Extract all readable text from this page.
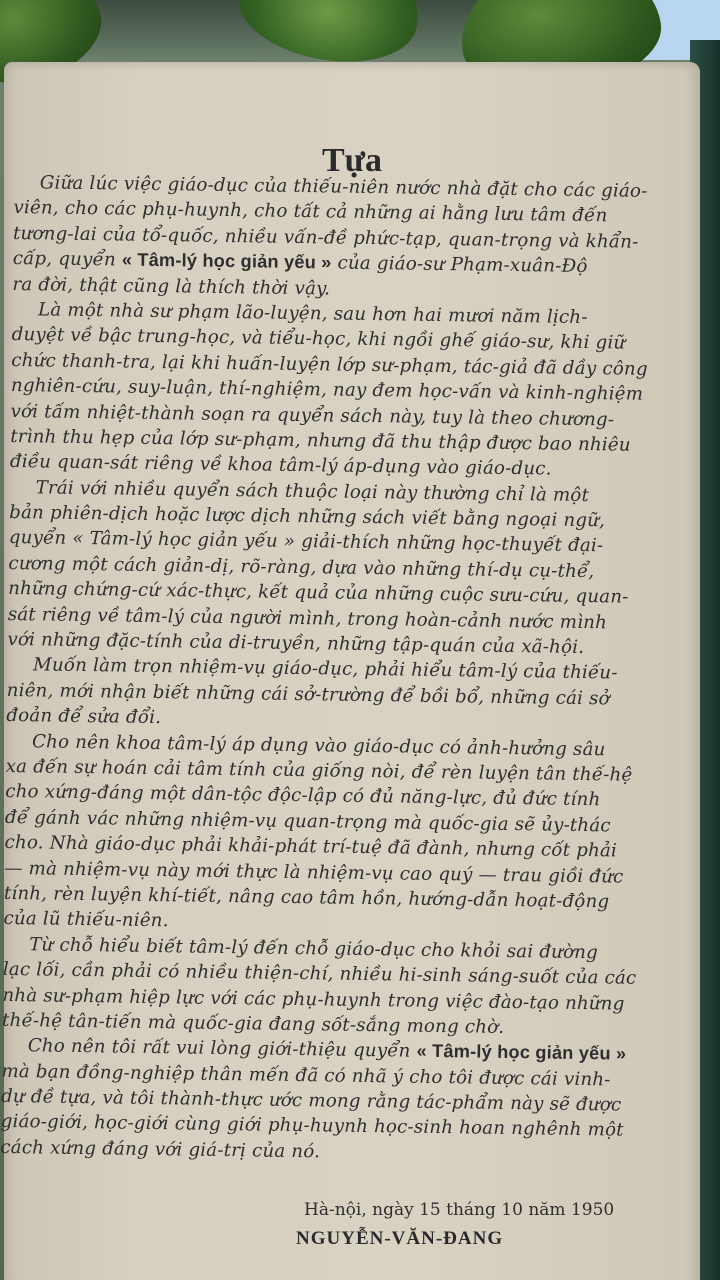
Tựa
Giữa lúc việc giáo-dục của thiếu-niên nước nhà đặt cho các giáo-
viên, cho các phụ-huynh, cho tất cả những ai hằng lưu tâm đến
tương-lai của tổ-quốc, nhiều vấn-đề phức-tạp, quan-trọng và khẩn-
cấp, quyển « Tâm-lý học giản yếu » của giáo-sư Phạm-xuân-Độ
ra đời, thật cũng là thích thời vậy.
Là một nhà sư phạm lão-luyện, sau hơn hai mươi năm lịch-
duyệt về bậc trung-học, và tiểu-học, khi ngồi ghế giáo-sư, khi giữ
chức thanh-tra, lại khi huấn-luyện lớp sư-phạm, tác-giả đã dầy công
nghiên-cứu, suy-luận, thí-nghiệm, nay đem học-vấn và kinh-nghiệm
với tấm nhiệt-thành soạn ra quyển sách này, tuy là theo chương-
trình thu hẹp của lớp sư-phạm, nhưng đã thu thập được bao nhiêu
điều quan-sát riêng về khoa tâm-lý áp-dụng vào giáo-dục.
Trái với nhiều quyển sách thuộc loại này thường chỉ là một
bản phiên-dịch hoặc lược dịch những sách viết bằng ngoại ngữ,
quyển « Tâm-lý học giản yếu » giải-thích những học-thuyết đại-
cương một cách giản-dị, rõ-ràng, dựa vào những thí-dụ cụ-thể,
những chứng-cứ xác-thực, kết quả của những cuộc sưu-cứu, quan-
sát riêng về tâm-lý của người mình, trong hoàn-cảnh nước mình
với những đặc-tính của di-truyền, những tập-quán của xã-hội.
Muốn làm trọn nhiệm-vụ giáo-dục, phải hiểu tâm-lý của thiếu-
niên, mới nhận biết những cái sở-trường để bồi bổ, những cái sở
đoản để sửa đổi.
Cho nên khoa tâm-lý áp dụng vào giáo-dục có ảnh-hưởng sâu
xa đến sự hoán cải tâm tính của giống nòi, để rèn luyện tân thế-hệ
cho xứng-đáng một dân-tộc độc-lập có đủ năng-lực, đủ đức tính
để gánh vác những nhiệm-vụ quan-trọng mà quốc-gia sẽ ủy-thác
cho. Nhà giáo-dục phải khải-phát trí-tuệ đã đành, nhưng cốt phải
— mà nhiệm-vụ này mới thực là nhiệm-vụ cao quý — trau giồi đức
tính, rèn luyện khí-tiết, nâng cao tâm hồn, hướng-dẫn hoạt-động
của lũ thiếu-niên.
Từ chỗ hiểu biết tâm-lý đến chỗ giáo-dục cho khỏi sai đường
lạc lối, cần phải có nhiều thiện-chí, nhiều hi-sinh sáng-suốt của các
nhà sư-phạm hiệp lực với các phụ-huynh trong việc đào-tạo những
thế-hệ tân-tiến mà quốc-gia đang sốt-sắng mong chờ.
Cho nên tôi rất vui lòng giới-thiệu quyển « Tâm-lý học giản yếu »
mà bạn đồng-nghiệp thân mến đã có nhã ý cho tôi được cái vinh-
dự đề tựa, và tôi thành-thực ước mong rằng tác-phẩm này sẽ được
giáo-giới, học-giới cùng giới phụ-huynh học-sinh hoan nghênh một
cách xứng đáng với giá-trị của nó.
Hà-nội, ngày 15 tháng 10 năm 1950
NGUYỄN-VĂN-ĐANG
